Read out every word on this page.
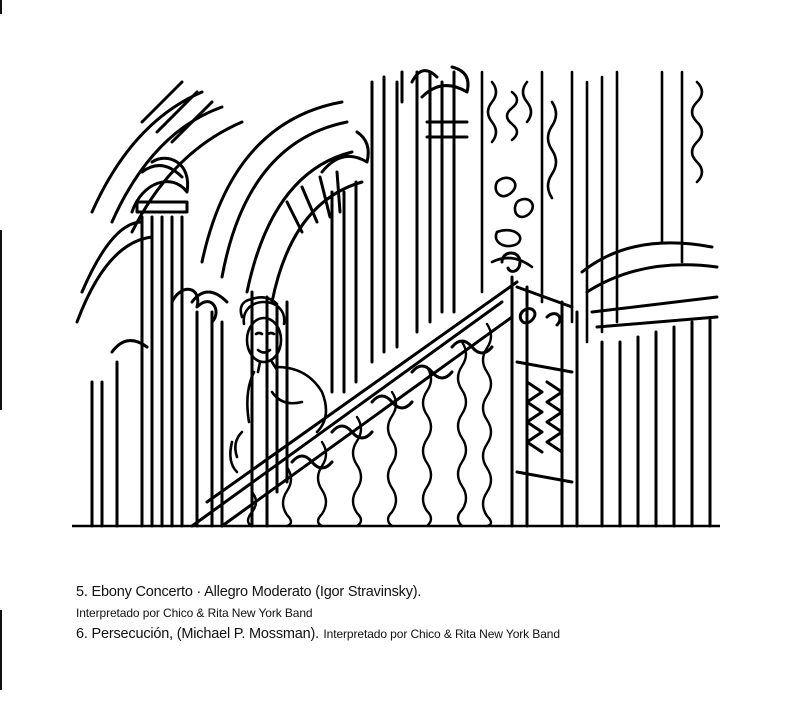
5. Ebony Concerto · Allegro Moderato (Igor Stravinsky).
Interpretado por Chico & Rita New York Band
6. Persecución, (Michael P. Mossman). Interpretado por Chico & Rita New York Band
